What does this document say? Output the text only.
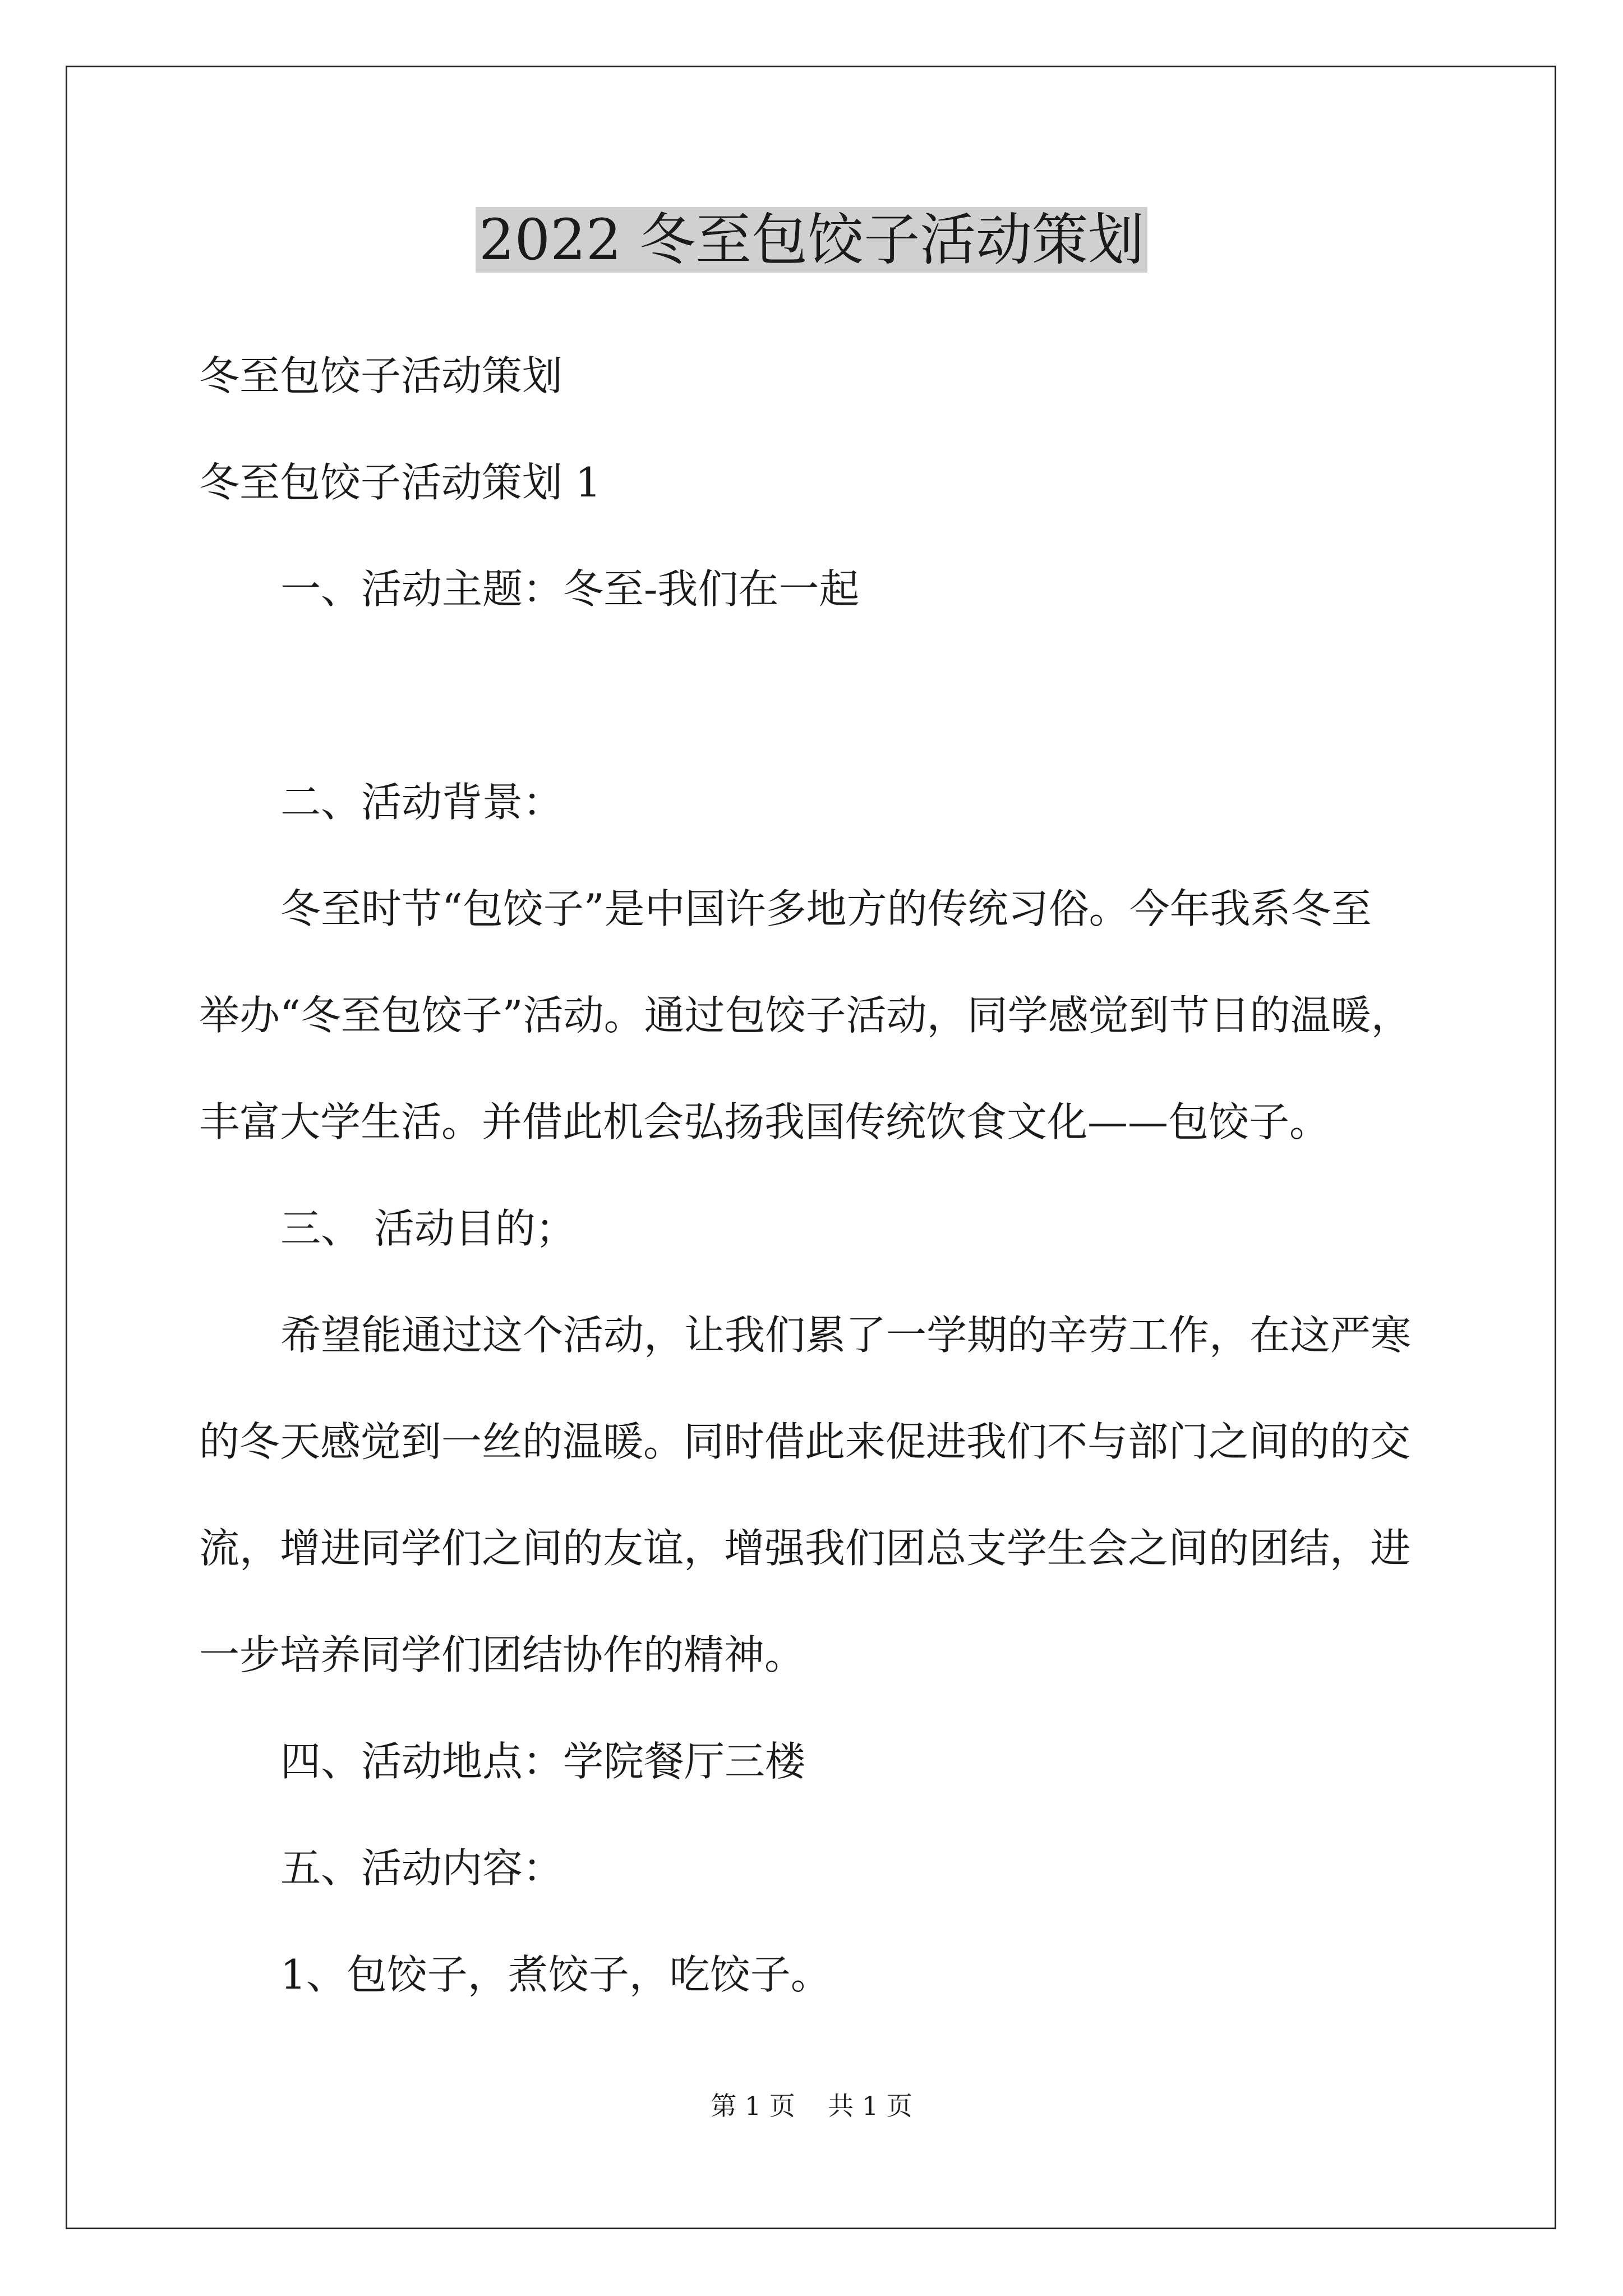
2022 冬至包饺子活动策划
冬至包饺子活动策划
冬至包饺子活动策划 1
一、活动主题：冬至-我们在一起
二、活动背景：
冬至时节“包饺子”是中国许多地方的传统习俗。今年我系冬至
举办“冬至包饺子”活动。通过包饺子活动，同学感觉到节日的温暖，
丰富大学生活。并借此机会弘扬我国传统饮食文化——包饺子。
三、 活动目的；
希望能通过这个活动，让我们累了一学期的辛劳工作，在这严寒
的冬天感觉到一丝的温暖。同时借此来促进我们不与部门之间的的交
流，增进同学们之间的友谊，增强我们团总支学生会之间的团结，进
一步培养同学们团结协作的精神。
四、活动地点：学院餐厅三楼
五、活动内容：
1、包饺子，煮饺子，吃饺子。
第 1 页    共 1 页
